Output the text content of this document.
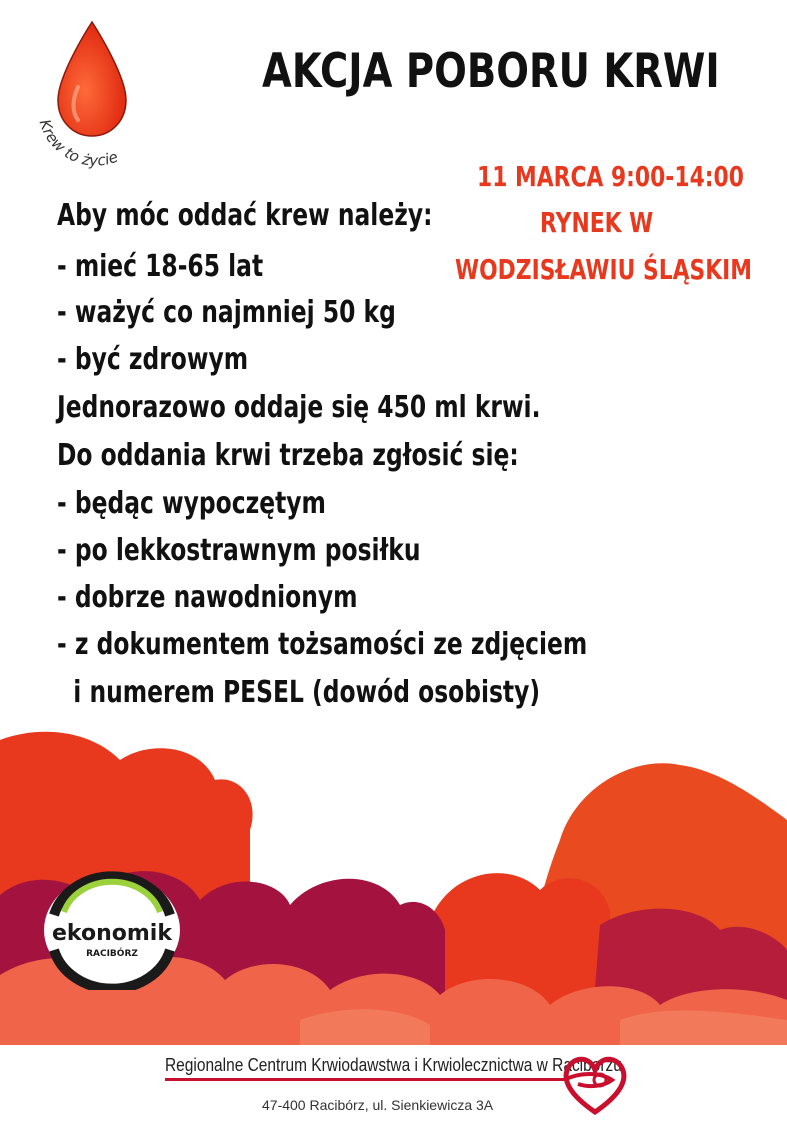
Krew to życie
AKCJA POBORU KRWI
11 MARCA 9:00-14:00
RYNEK W
WODZISŁAWIU ŚLĄSKIM
Aby móc oddać krew należy:
- mieć 18-65 lat
- ważyć co najmniej 50 kg
- być zdrowym
Jednorazowo oddaje się 450 ml krwi.
Do oddania krwi trzeba zgłosić się:
- będąc wypoczętym
- po lekkostrawnym posiłku
- dobrze nawodnionym
- z dokumentem tożsamości ze zdjęciem
i numerem PESEL (dowód osobisty)
ekonomik
RACIBÓRZ
Regionalne Centrum Krwiodawstwa i Krwiolecznictwa w Raciborzu
47-400 Racibórz, ul. Sienkiewicza 3A
